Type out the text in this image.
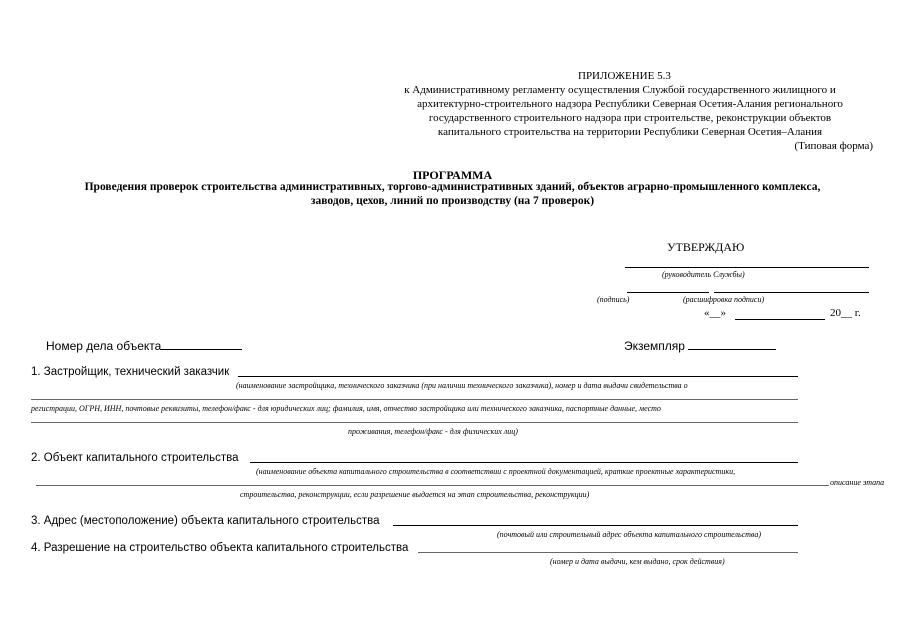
ПРИЛОЖЕНИЕ 5.3
к Административному регламенту осуществления Службой государственного жилищного и
архитектурно-строительного надзора Республики Северная Осетия-Алания регионального
государственного строительного надзора при строительстве, реконструкции объектов
капитального строительства на территории Республики Северная Осетия–Алания
(Типовая форма)
ПРОГРАММА
Проведения проверок строительства административных, торгово-административных зданий, объектов аграрно-промышленного комплекса,
заводов, цехов, линий по производству (на 7 проверок)
УТВЕРЖДАЮ
(руководитель Службы)
(подпись)	(расшифровка подписи)
«__»	20__ г.
Номер дела объекта	Экземпляр
1. Застройщик, технический заказчик
(наименование застройщика, технического заказчика (при наличии технического заказчика), номер и дата выдачи свидетельства о
регистрации, ОГРН, ИНН, почтовые реквизиты, телефон/факс - для юридических лиц; фамилия, имя, отчество застройщика или технического заказчика, паспортные данные, место
проживания, телефон/факс - для физических лиц)
2. Объект капитального строительства
(наименование объекта капитального строительства в соответствии с проектной документацией, краткие проектные характеристики,
описание этапа
строительства, реконструкции, если разрешение выдается на этап строительства, реконструкции)
3. Адрес (местоположение) объекта капитального строительства
(почтовый или строительный адрес объекта капитального строительства)
4. Разрешение на строительство объекта капитального строительства
(номер и дата выдачи, кем выдано, срок действия)
